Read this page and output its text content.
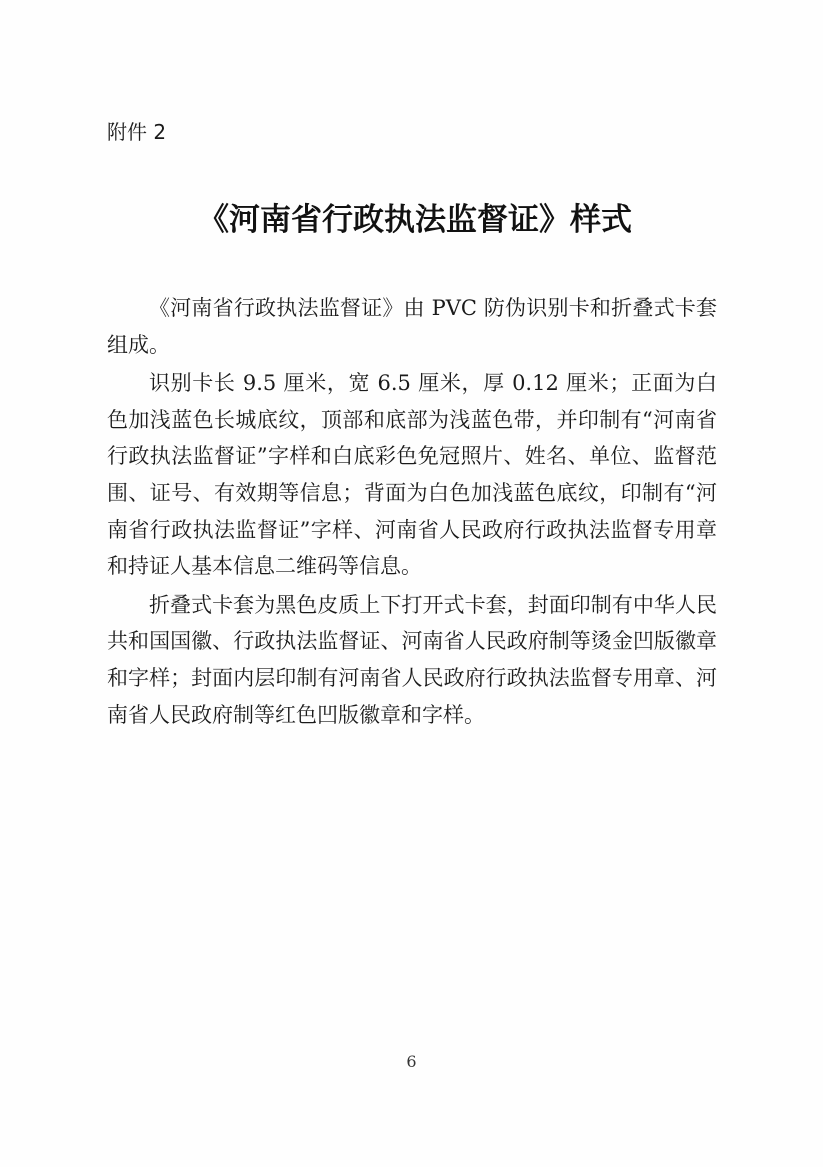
附件 2
《河南省行政执法监督证》样式

《河南省行政执法监督证》由 PVC 防伪识别卡和折叠式卡套组成。

识别卡长 9.5 厘米，宽 6.5 厘米，厚 0.12 厘米；正面为白色加浅蓝色长城底纹，顶部和底部为浅蓝色带，并印制有“河南省行政执法监督证”字样和白底彩色免冠照片、姓名、单位、监督范围、证号、有效期等信息；背面为白色加浅蓝色底纹，印制有“河南省行政执法监督证”字样、河南省人民政府行政执法监督专用章和持证人基本信息二维码等信息。

折叠式卡套为黑色皮质上下打开式卡套，封面印制有中华人民共和国国徽、行政执法监督证、河南省人民政府制等烫金凹版徽章和字样；封面内层印制有河南省人民政府行政执法监督专用章、河南省人民政府制等红色凹版徽章和字样。

6
